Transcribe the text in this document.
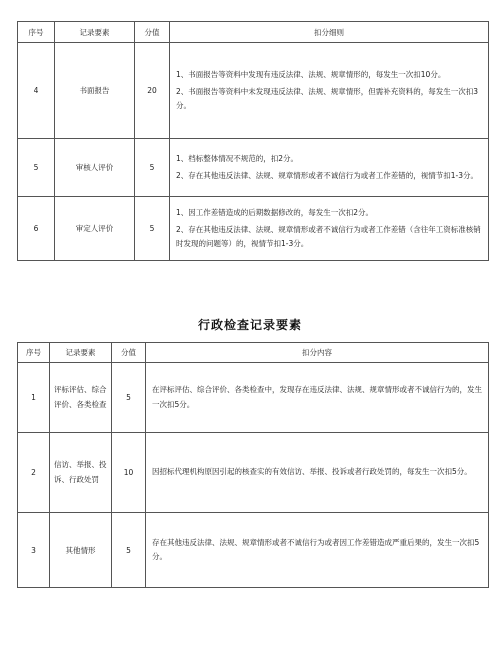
序号	记录要素	分值	扣分细则
4	书面报告	20	1、书面报告等资料中发现有违反法律、法规、规章情形的，每发生一次扣10分。

2、书面报告等资料中未发现违反法律、法规、规章情形，但需补充资料的，每发生一次扣3分。

5	审核人评价	5	1、档标整体情况不规范的，扣2分。

2、存在其他违反法律、法规、规章情形或者不诚信行为或者工作差错的，视情节扣1-3分。

6	审定人评价	5	1、因工作差错造成的后期数据修改的，每发生一次扣2分。

2、存在其他违反法律、法规、规章情形或者不诚信行为或者工作差错（含往年工资标准核销时发现的问题等）的，视情节扣1-3分。

行政检查记录要素
序号	记录要素	分值	扣分内容
1	评标评估、综合评价、各类检查	5	在评标评估、综合评价、各类检查中，发现存在违反法律、法规、规章情形或者不诚信行为的，发生一次扣5分。

2	信访、举报、投诉、行政处罚	10	因招标代理机构原因引起的核查实的有效信访、举报、投诉或者行政处罚的，每发生一次扣5分。

3	其他情形	5	存在其他违反法律、法规、规章情形或者不诚信行为或者因工作差错造成严重后果的，发生一次扣5分。
